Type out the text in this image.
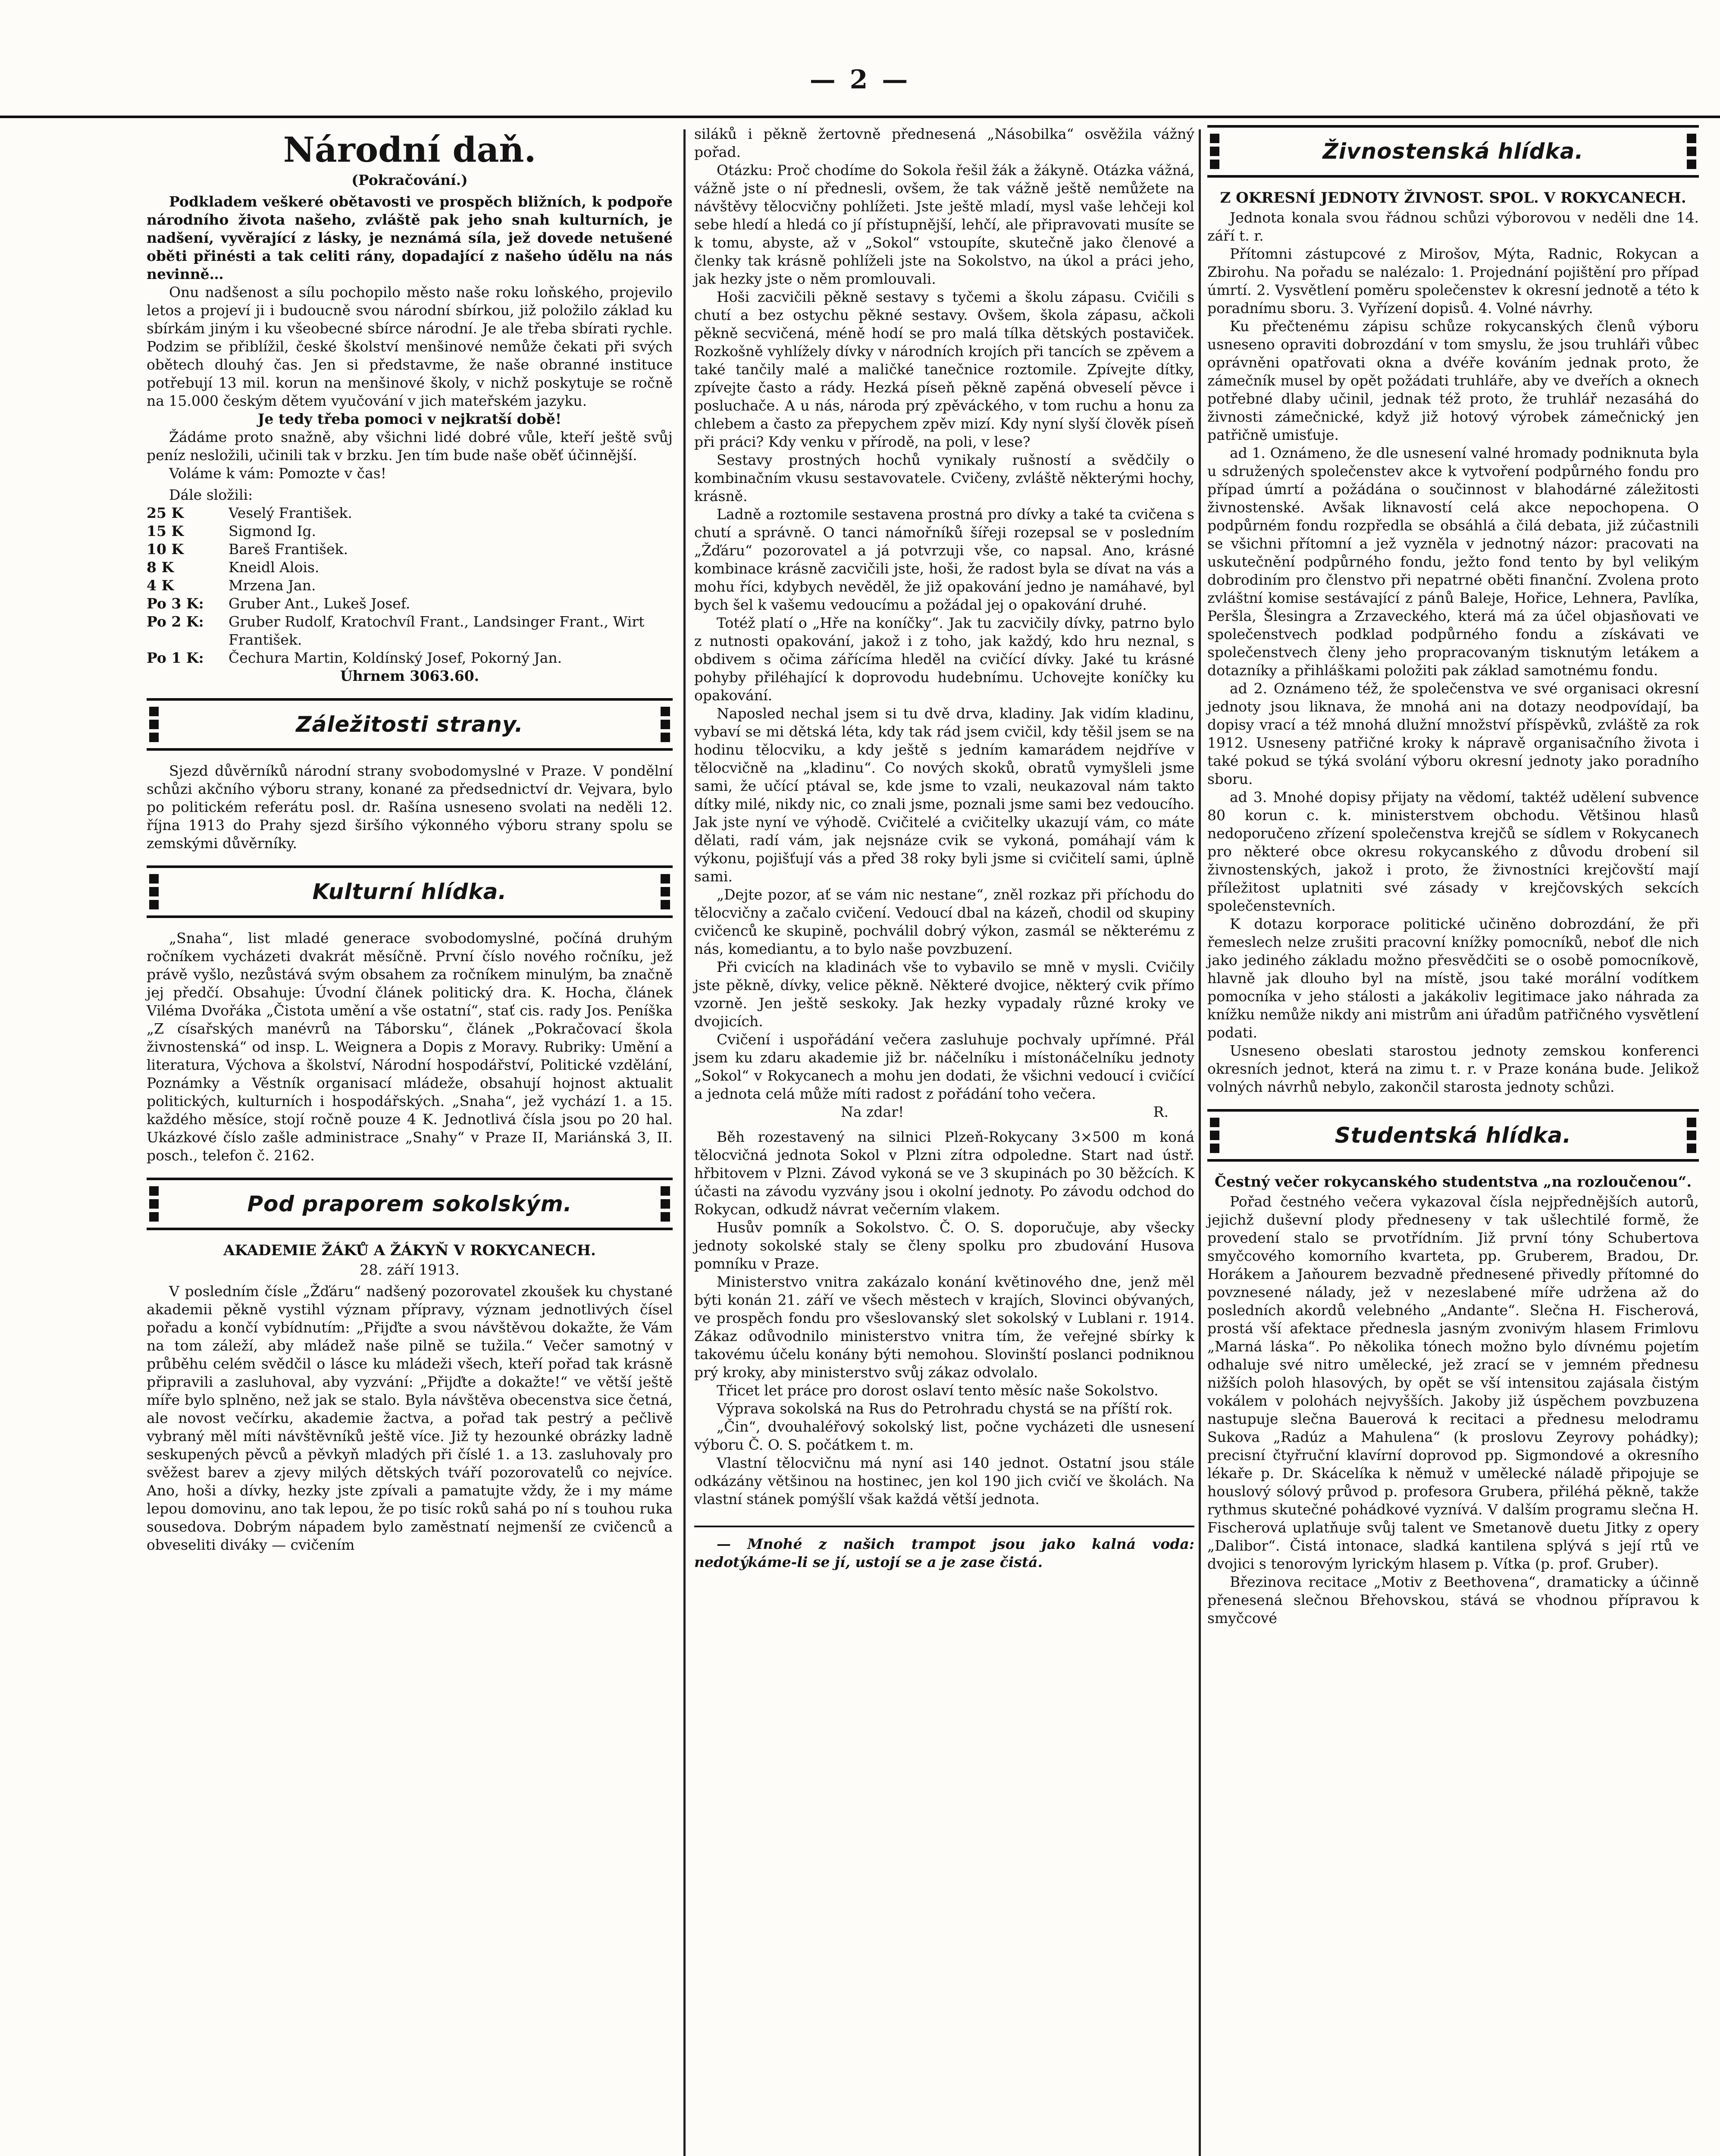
— 2 —
Národní daň.
(Pokračování.)

Podkladem veškeré obětavosti ve prospěch bližních, k podpoře národního života našeho, zvláště pak jeho snah kulturních, je nadšení, vyvěrající z lásky, je neznámá síla, jež dovede netušené oběti přinésti a tak celiti rány, dopadající z našeho údělu na nás nevinně…

Onu nadšenost a sílu pochopilo město naše roku loňského, projevilo letos a projeví ji i budoucně svou národní sbírkou, již položilo základ ku sbírkám jiným i ku všeobecné sbírce národní. Je ale třeba sbírati rychle. Podzim se přiblížil, české školství menšinové nemůže čekati při svých obětech dlouhý čas. Jen si představme, že naše obranné instituce potřebují 13 mil. korun na menšinové školy, v nichž poskytuje se ročně na 15.000 českým dětem vyučování v jich mateřském jazyku.

Je tedy třeba pomoci v nejkratší době!

Žádáme proto snažně, aby všichni lidé dobré vůle, kteří ještě svůj peníz nesložili, učinili tak v brzku. Jen tím bude naše oběť účinnější.

Voláme k vám: Pomozte v čas!

Dále složili:

25 K	Veselý František.
15 K	Sigmond Ig.
10 K	Bareš František.
8 K	Kneidl Alois.
4 K	Mrzena Jan.
Po 3 K:	Gruber Ant., Lukeš Josef.
Po 2 K:	Gruber Rudolf, Kratochvíl Frant., Landsinger Frant., Wirt František.
Po 1 K:	Čechura Martin, Koldínský Josef, Pokorný Jan.
Úhrnem 3063.60.
Záležitosti strany.

Sjezd důvěrníků národní strany svobodomyslné v Praze. V pondělní schůzi akčního výboru strany, konané za předsednictví dr. Vejvara, bylo po politickém referátu posl. dr. Rašína usneseno svolati na neděli 12. října 1913 do Prahy sjezd širšího výkonného výboru strany spolu se zemskými důvěrníky.

Kulturní hlídka.

„Snaha“, list mladé generace svobodomyslné, počíná druhým ročníkem vycházeti dvakrát měsíčně. První číslo nového ročníku, jež právě vyšlo, nezůstává svým obsahem za ročníkem minulým, ba značně jej předčí. Obsahuje: Úvodní článek politický dra. K. Hocha, článek Viléma Dvořáka „Čistota umění a vše ostatní“, stať cis. rady Jos. Peníška „Z císařských manévrů na Táborsku“, článek „Pokračovací škola živnostenská“ od insp. L. Weignera a Dopis z Moravy. Rubriky: Umění a literatura, Výchova a školství, Národní hospodářství, Politické vzdělání, Poznámky a Věstník organisací mládeže, obsahují hojnost aktualit politických, kulturních i hospodářských. „Snaha“, jež vychází 1. a 15. každého měsíce, stojí ročně pouze 4 K. Jednotlivá čísla jsou po 20 hal. Ukázkové číslo zašle administrace „Snahy“ v Praze II, Mariánská 3, II. posch., telefon č. 2162.

Pod praporem sokolským.
AKADEMIE ŽÁKŮ A ŽÁKYŇ V ROKYCANECH.
28. září 1913.

V posledním čísle „Žďáru“ nadšený pozorovatel zkoušek ku chystané akademii pěkně vystihl význam přípravy, význam jednotlivých čísel pořadu a končí vybídnutím: „Přijďte a svou návštěvou dokažte, že Vám na tom záleží, aby mládež naše pilně se tužila.“ Večer samotný v průběhu celém svědčil o lásce ku mládeži všech, kteří pořad tak krásně připravili a zasluhoval, aby vyzvání: „Přijďte a dokažte!“ ve větší ještě míře bylo splněno, než jak se stalo. Byla návštěva obecenstva sice četná, ale novost večírku, akademie žactva, a pořad tak pestrý a pečlivě vybraný měl míti návštěvníků ještě více. Již ty hezounké obrázky ladně seskupených pěvců a pěvkyň mladých při číslé 1. a 13. zasluhovaly pro svěžest barev a zjevy milých dětských tváří pozorovatelů co nejvíce. Ano, hoši a dívky, hezky jste zpívali a pamatujte vždy, že i my máme lepou domovinu, ano tak lepou, že po tisíc roků sahá po ní s touhou ruka sousedova. Dobrým nápadem bylo zaměstnatí nejmenší ze cvičenců a obveseliti diváky — cvičením

siláků i pěkně žertovně přednesená „Násobilka“ osvěžila vážný pořad.

Otázku: Proč chodíme do Sokola řešil žák a žákyně. Otázka vážná, vážně jste o ní přednesli, ovšem, že tak vážně ještě nemůžete na návštěvy tělocvičny pohlížeti. Jste ještě mladí, mysl vaše lehčeji kol sebe hledí a hledá co jí přístupnější, lehčí, ale připravovati musíte se k tomu, abyste, až v „Sokol“ vstoupíte, skutečně jako členové a členky tak krásně pohlíželi jste na Sokolstvo, na úkol a práci jeho, jak hezky jste o něm promlouvali.

Hoši zacvičili pěkně sestavy s tyčemi a školu zápasu. Cvičili s chutí a bez ostychu pěkné sestavy. Ovšem, škola zápasu, ačkoli pěkně secvičená, méně hodí se pro malá tílka dětských postaviček. Rozkošně vyhlížely dívky v národních krojích při tancích se zpěvem a také tančily malé a maličké tanečnice roztomile. Zpívejte dítky, zpívejte často a rády. Hezká píseň pěkně zapěná obveselí pěvce i posluchače. A u nás, národa prý zpěváckého, v tom ruchu a honu za chlebem a často za přepychem zpěv mizí. Kdy nyní slyší člověk píseň při práci? Kdy venku v přírodě, na poli, v lese?

Sestavy prostných hochů vynikaly rušností a svědčily o kombinačním vkusu sestavovatele. Cvičeny, zvláště některými hochy, krásně.

Ladně a roztomile sestavena prostná pro dívky a také ta cvičena s chutí a správně. O tanci námořníků šířeji rozepsal se v posledním „Žďáru“ pozorovatel a já potvrzuji vše, co napsal. Ano, krásné kombinace krásně zacvičili jste, hoši, že radost byla se dívat na vás a mohu říci, kdybych nevěděl, že již opakování jedno je namáhavé, byl bych šel k vašemu vedoucímu a požádal jej o opakování druhé.

Totéž platí o „Hře na koníčky“. Jak tu zacvičily dívky, patrno bylo z nutnosti opakování, jakož i z toho, jak každý, kdo hru neznal, s obdivem s očima zářícíma hleděl na cvičící dívky. Jaké tu krásné pohyby přiléhající k doprovodu hudebnímu. Uchovejte koníčky ku opakování.

Naposled nechal jsem si tu dvě drva, kladiny. Jak vidím kladinu, vybaví se mi dětská léta, kdy tak rád jsem cvičil, kdy těšil jsem se na hodinu tělocviku, a kdy ještě s jedním kamarádem nejdříve v tělocvičně na „kladinu“. Co nových skoků, obratů vymyšleli jsme sami, že učící ptával se, kde jsme to vzali, neukazoval nám takto dítky milé, nikdy nic, co znali jsme, poznali jsme sami bez vedoucího. Jak jste nyní ve výhodě. Cvičitelé a cvičitelky ukazují vám, co máte dělati, radí vám, jak nejsnáze cvik se vykoná, pomáhají vám k výkonu, pojišťují vás a před 38 roky byli jsme si cvičitelí sami, úplně sami.

„Dejte pozor, ať se vám nic nestane“, zněl rozkaz při příchodu do tělocvičny a začalo cvičení. Vedoucí dbal na kázeň, chodil od skupiny cvičenců ke skupině, pochválil dobrý výkon, zasmál se některému z nás, komediantu, a to bylo naše povzbuzení.

Při cvicích na kladinách vše to vybavilo se mně v mysli. Cvičily jste pěkně, dívky, velice pěkně. Některé dvojice, některý cvik přímo vzorně. Jen ještě seskoky. Jak hezky vypadaly různé kroky ve dvojicích.

Cvičení i uspořádání večera zasluhuje pochvaly upřímné. Přál jsem ku zdaru akademie již br. náčelníku i místonáčelníku jednoty „Sokol“ v Rokycanech a mohu jen dodati, že všichni vedoucí i cvičící a jednota celá může míti radost z pořádání toho večera.

Na zdar!	R.

Běh rozestavený na silnici Plzeň-Rokycany 3×500 m koná tělocvičná jednota Sokol v Plzni zítra odpoledne. Start nad ústř. hřbitovem v Plzni. Závod vykoná se ve 3 skupinách po 30 běžcích. K účasti na závodu vyzvány jsou i okolní jednoty. Po závodu odchod do Rokycan, odkudž návrat večerním vlakem.

Husův pomník a Sokolstvo. Č. O. S. doporučuje, aby všecky jednoty sokolské staly se členy spolku pro zbudování Husova pomníku v Praze.

Ministerstvo vnitra zakázalo konání květinového dne, jenž měl býti konán 21. září ve všech městech v krajích, Slovinci obývaných, ve prospěch fondu pro všeslovanský slet sokolský v Lublani r. 1914. Zákaz odůvodnilo ministerstvo vnitra tím, že veřejné sbírky k takovému účelu konány býti nemohou. Slovinští poslanci podniknou prý kroky, aby ministerstvo svůj zákaz odvolalo.

Třicet let práce pro dorost oslaví tento měsíc naše Sokolstvo.

Výprava sokolská na Rus do Petrohradu chystá se na příští rok.

„Čin“, dvouhaléřový sokolský list, počne vycházeti dle usnesení výboru Č. O. S. počátkem t. m.

Vlastní tělocvičnu má nyní asi 140 jednot. Ostatní jsou stále odkázány většinou na hostinec, jen kol 190 jich cvičí ve školách. Na vlastní stánek pomýšlí však každá větší jednota.

— Mnohé z našich trampot jsou jako kalná voda: nedotýkáme-li se jí, ustojí se a je zase čistá.

Živnostenská hlídka.
Z OKRESNÍ JEDNOTY ŽIVNOST. SPOL. V ROKYCANECH.

Jednota konala svou řádnou schůzi výborovou v neděli dne 14. září t. r.

Přítomni zástupcové z Mirošov, Mýta, Radnic, Rokycan a Zbirohu. Na pořadu se nalézalo: 1. Projednání pojištění pro případ úmrtí. 2. Vysvětlení poměru společenstev k okresní jednotě a této k poradnímu sboru. 3. Vyřízení dopisů. 4. Volné návrhy.

Ku přečtenému zápisu schůze rokycanských členů výboru usneseno opraviti dobrozdání v tom smyslu, že jsou truhláři vůbec oprávněni opatřovati okna a dvéře kováním jednak proto, že zámečník musel by opět požádati truhláře, aby ve dveřích a oknech potřebné dlaby učinil, jednak též proto, že truhlář nezasáhá do živnosti zámečnické, když již hotový výrobek zámečnický jen patřičně umisťuje.

ad 1. Oznámeno, že dle usnesení valné hromady podniknuta byla u sdružených společenstev akce k vytvoření podpůrného fondu pro případ úmrtí a požádána o součinnost v blahodárné záležitosti živnostenské. Avšak liknavostí celá akce nepochopena. O podpůrném fondu rozpředla se obsáhlá a čilá debata, již zúčastnili se všichni přítomní a jež vyzněla v jednotný názor: pracovati na uskutečnění podpůrného fondu, ježto fond tento by byl velikým dobrodiním pro členstvo při nepatrné oběti finanční. Zvolena proto zvláštní komise sestávající z pánů Baleje, Hořice, Lehnera, Pavlíka, Peršla, Šlesingra a Zrzaveckého, která má za účel objasňovati ve společenstvech podklad podpůrného fondu a získávati ve společenstvech členy jeho propracovaným tisknutým letákem a dotazníky a přihláškami položiti pak základ samotnému fondu.

ad 2. Oznámeno též, že společenstva ve své organisaci okresní jednoty jsou liknava, že mnohá ani na dotazy neodpovídají, ba dopisy vrací a též mnohá dlužní množství příspěvků, zvláště za rok 1912. Usneseny patřičné kroky k nápravě organisačního života i také pokud se týká svolání výboru okresní jednoty jako poradního sboru.

ad 3. Mnohé dopisy přijaty na vědomí, taktéž udělení subvence 80 korun c. k. ministerstvem obchodu. Většinou hlasů nedoporučeno zřízení společenstva krejčů se sídlem v Rokycanech pro některé obce okresu rokycanského z důvodu drobení sil živnostenských, jakož i proto, že živnostníci krejčovští mají příležitost uplatniti své zásady v krejčovských sekcích společenstevních.

K dotazu korporace politické učiněno dobrozdání, že při řemeslech nelze zrušiti pracovní knížky pomocníků, neboť dle nich jako jediného základu možno přesvědčiti se o osobě pomocníkově, hlavně jak dlouho byl na místě, jsou také morální vodítkem pomocníka v jeho stálosti a jakákoliv legitimace jako náhrada za knížku nemůže nikdy ani mistrům ani úřadům patřičného vysvětlení podati.

Usneseno obeslati starostou jednoty zemskou konferenci okresních jednot, která na zimu t. r. v Praze konána bude. Jelikož volných návrhů nebylo, zakončil starosta jednoty schůzi.

Studentská hlídka.
Čestný večer rokycanského studentstva „na rozloučenou“.

Pořad čestného večera vykazoval čísla nejpřednějších autorů, jejichž duševní plody předneseny v tak ušlechtilé formě, že provedení stalo se prvotřídním. Již první tóny Schubertova smyčcového komorního kvarteta, pp. Gruberem, Bradou, Dr. Horákem a Jaňourem bezvadně přednesené přivedly přítomné do povznesené nálady, jež v nezeslabené míře udržena až do posledních akordů velebného „Andante“. Slečna H. Fischerová, prostá vší afektace přednesla jasným zvonivým hlasem Frimlovu „Marná láska“. Po několika tónech možno bylo dívnému pojetím odhaluje své nitro umělecké, jež zrací se v jemném přednesu nižších poloh hlasových, by opět se vší intensitou zajásala čistým vokálem v polohách nejvyšších. Jakoby již úspěchem povzbuzena nastupuje slečna Bauerová k recitaci a přednesu melodramu Sukova „Radúz a Mahulena“ (k proslovu Zeyrovy pohádky); precisní čtyřruční klavírní doprovod pp. Sigmondové a okresního lékaře p. Dr. Skácelíka k němuž v umělecké náladě připojuje se houslový sólový průvod p. profesora Grubera, přiléhá pěkně, takže rythmus skutečné pohádkové vyznívá. V dalším programu slečna H. Fischerová uplatňuje svůj talent ve Smetanově duetu Jitky z opery „Dalibor“. Čistá intonace, sladká kantilena splývá s její rtů ve dvojici s tenorovým lyrickým hlasem p. Vítka (p. prof. Gruber).

Březinova recitace „Motiv z Beethovena“, dramaticky a účinně přenesená slečnou Břehovskou, stává se vhodnou přípravou k smyčcové
